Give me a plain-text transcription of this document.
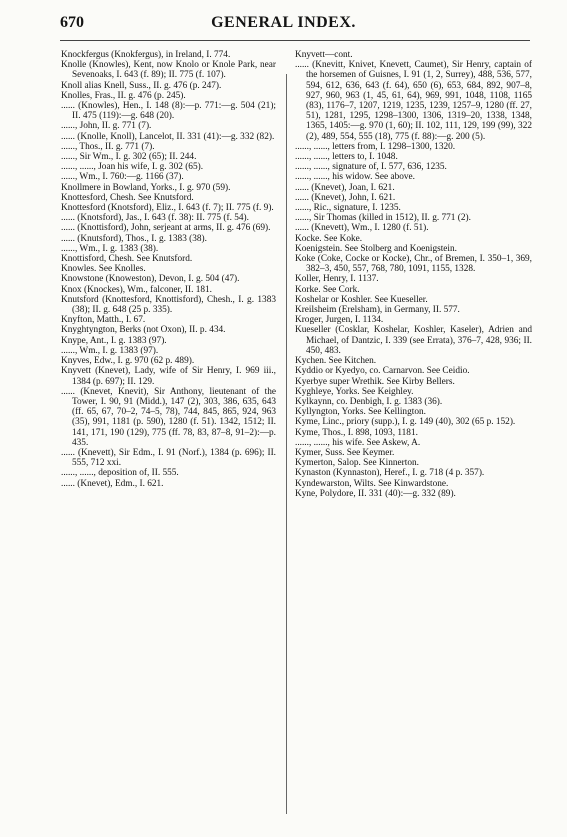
670	GENERAL INDEX.

Knockfergus (Knokfergus), in Ireland, I. 774.

Knolle (Knowles), Kent, now Knolo or Knole Park, near Sevenoaks, I. 643 (f. 89); II. 775 (f. 107).

Knoll alias Knell, Suss., II. g. 476 (p. 247).

Knolles, Fras., II. g. 476 (p. 245).

...... (Knowles), Hen., I. 148 (8):—p. 771:—g. 504 (21); II. 475 (119):—g. 648 (20).

......, John, II. g. 771 (7).

...... (Knolle, Knoll), Lancelot, II. 331 (41):—g. 332 (82).

......, Thos., II. g. 771 (7).

......, Sir Wm., I. g. 302 (65); II. 244.

......, ......, Joan his wife, I. g. 302 (65).

......, Wm., I. 760:—g. 1166 (37).

Knollmere in Bowland, Yorks., I. g. 970 (59).

Knottesford, Chesh. See Knutsford.

Knottesford (Knotsford), Eliz., I. 643 (f. 7); II. 775 (f. 9).

...... (Knotsford), Jas., I. 643 (f. 38): II. 775 (f. 54).

...... (Knottisford), John, serjeant at arms, II. g. 476 (69).

...... (Knutsford), Thos., I. g. 1383 (38).

......, Wm., I. g. 1383 (38).

Knottisford, Chesh. See Knutsford.

Knowles. See Knolles.

Knowstone (Knoweston), Devon, I. g. 504 (47).

Knox (Knockes), Wm., falconer, II. 181.

Knutsford (Knottesford, Knottisford), Chesh., I. g. 1383 (38); II. g. 648 (25 p. 335).

Knyfton, Matth., I. 67.

Knyghtyngton, Berks (not Oxon), II. p. 434.

Knype, Ant., I. g. 1383 (97).

......, Wm., I. g. 1383 (97).

Knyves, Edw., I. g. 970 (62 p. 489).

Knyvett (Knevet), Lady, wife of Sir Henry, I. 969 iii., 1384 (p. 697); II. 129.

...... (Knevet, Knevit), Sir Anthony, lieutenant of the Tower, I. 90, 91 (Midd.), 147 (2), 303, 386, 635, 643 (ff. 65, 67, 70–2, 74–5, 78), 744, 845, 865, 924, 963 (35), 991, 1181 (p. 590), 1280 (f. 51). 1342, 1512; II. 141, 171, 190 (129), 775 (ff. 78, 83, 87–8, 91–2):—p. 435.

...... (Knevett), Sir Edm., I. 91 (Norf.), 1384 (p. 696); II. 555, 712 xxi.

......, ......, deposition of, II. 555.

...... (Knevet), Edm., I. 621.

Knyvett—cont.

...... (Knevitt, Knivet, Knevett, Caumet), Sir Henry, captain of the horsemen of Guisnes, I. 91 (1, 2, Surrey), 488, 536, 577, 594, 612, 636, 643 (f. 64), 650 (6), 653, 684, 892, 907–8, 927, 960, 963 (1, 45, 61, 64), 969, 991, 1048, 1108, 1165 (83), 1176–7, 1207, 1219, 1235, 1239, 1257–9, 1280 (ff. 27, 51), 1281, 1295, 1298–1300, 1306, 1319–20, 1338, 1348, 1365, 1405:—g. 970 (1, 60); II. 102, 111, 129, 199 (99), 322 (2), 489, 554, 555 (18), 775 (f. 88):—g. 200 (5).

......, ......, letters from, I. 1298–1300, 1320.

......, ......, letters to, I. 1048.

......, ......, signature of, I. 577, 636, 1235.

......, ......, his widow. See above.

...... (Knevet), Joan, I. 621.

...... (Knevet), John, I. 621.

......, Ric., signature, I. 1235.

......, Sir Thomas (killed in 1512), II. g. 771 (2).

...... (Knevett), Wm., I. 1280 (f. 51).

Kocke. See Koke.

Koenigstein. See Stolberg and Koenigstein.

Koke (Coke, Cocke or Kocke), Chr., of Bremen, I. 350–1, 369, 382–3, 450, 557, 768, 780, 1091, 1155, 1328.

Koller, Henry, I. 1137.

Korke. See Cork.

Koshelar or Koshler. See Kueseller.

Kreilsheim (Erelsham), in Germany, II. 577.

Kroger, Jurgen, I. 1134.

Kueseller (Cosklar, Koshelar, Koshler, Kaseler), Adrien and Michael, of Dantzic, I. 339 (see Errata), 376–7, 428, 936; II. 450, 483.

Kychen. See Kitchen.

Kyddio or Kyedyo, co. Carnarvon. See Ceidio.

Kyerbye super Wrethik. See Kirby Bellers.

Kyghleye, Yorks. See Keighley.

Kylkaynn, co. Denbigh, I. g. 1383 (36).

Kyllyngton, Yorks. See Kellington.

Kyme, Linc., priory (supp.), I. g. 149 (40), 302 (65 p. 152).

Kyme, Thos., I. 898, 1093, 1181.

......, ......, his wife. See Askew, A.

Kymer, Suss. See Keymer.

Kymerton, Salop. See Kinnerton.

Kynaston (Kynnaston), Heref., I. g. 718 (4 p. 357).

Kyndewarston, Wilts. See Kinwardstone.

Kyne, Polydore, II. 331 (40):—g. 332 (89).
